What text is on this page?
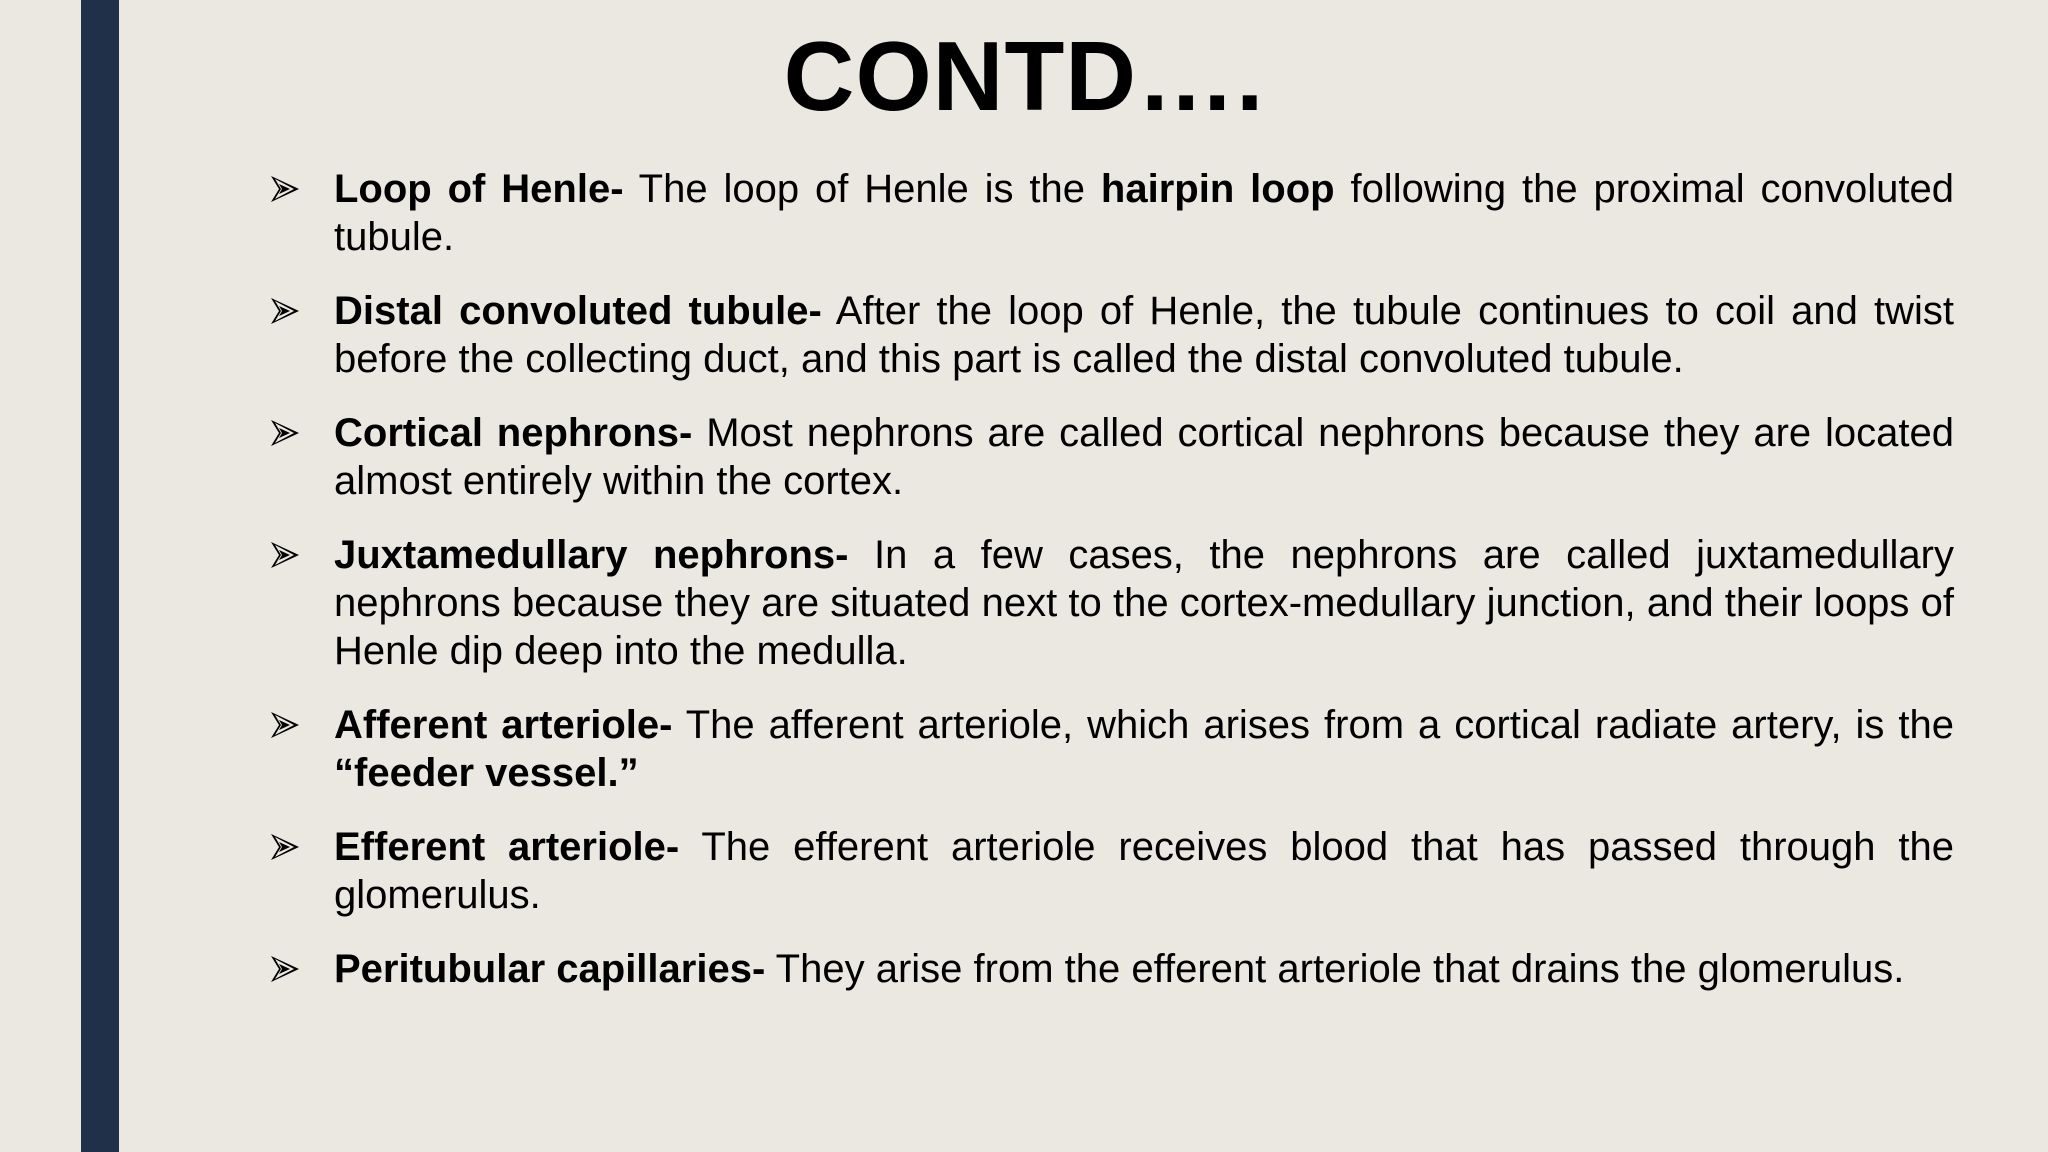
CONTD….
Loop of Henle- The loop of Henle is the hairpin loop following the proximal convoluted tubule.
Distal convoluted tubule- After the loop of Henle, the tubule continues to coil and twist before the collecting duct, and this part is called the distal convoluted tubule.
Cortical nephrons- Most nephrons are called cortical nephrons because they are located almost entirely within the cortex.
Juxtamedullary nephrons- In a few cases, the nephrons are called juxtamedullary nephrons because they are situated next to the cortex-medullary junction, and their loops of Henle dip deep into the medulla.
Afferent arteriole- The afferent arteriole, which arises from a cortical radiate artery, is the “feeder vessel.”
Efferent arteriole- The efferent arteriole receives blood that has passed through the glomerulus.
Peritubular capillaries- They arise from the efferent arteriole that drains the glomerulus.
